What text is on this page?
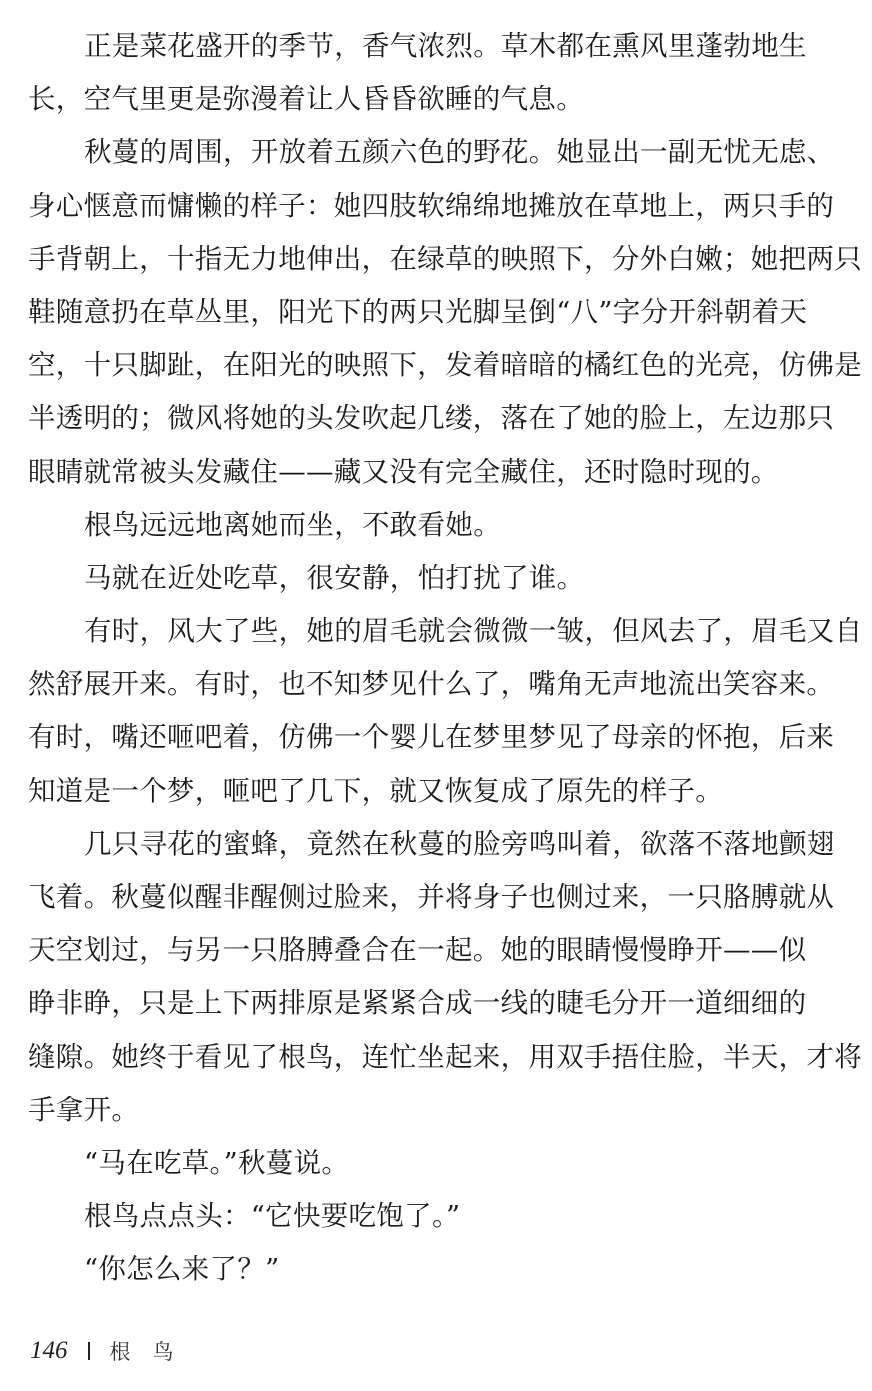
正是菜花盛开的季节，香气浓烈。草木都在熏风里蓬勃地生
长，空气里更是弥漫着让人昏昏欲睡的气息。
秋蔓的周围，开放着五颜六色的野花。她显出一副无忧无虑、
身心惬意而慵懒的样子：她四肢软绵绵地摊放在草地上，两只手的
手背朝上，十指无力地伸出，在绿草的映照下，分外白嫩；她把两只
鞋随意扔在草丛里，阳光下的两只光脚呈倒“八”字分开斜朝着天
空，十只脚趾，在阳光的映照下，发着暗暗的橘红色的光亮，仿佛是
半透明的；微风将她的头发吹起几缕，落在了她的脸上，左边那只
眼睛就常被头发藏住——藏又没有完全藏住，还时隐时现的。
根鸟远远地离她而坐，不敢看她。
马就在近处吃草，很安静，怕打扰了谁。
有时，风大了些，她的眉毛就会微微一皱，但风去了，眉毛又自
然舒展开来。有时，也不知梦见什么了，嘴角无声地流出笑容来。
有时，嘴还咂吧着，仿佛一个婴儿在梦里梦见了母亲的怀抱，后来
知道是一个梦，咂吧了几下，就又恢复成了原先的样子。
几只寻花的蜜蜂，竟然在秋蔓的脸旁鸣叫着，欲落不落地颤翅
飞着。秋蔓似醒非醒侧过脸来，并将身子也侧过来，一只胳膊就从
天空划过，与另一只胳膊叠合在一起。她的眼睛慢慢睁开——似
睁非睁，只是上下两排原是紧紧合成一线的睫毛分开一道细细的
缝隙。她终于看见了根鸟，连忙坐起来，用双手捂住脸，半天，才将
手拿开。
“马在吃草。”秋蔓说。
根鸟点点头：“它快要吃饱了。”
“你怎么来了？”
146 根鸟
